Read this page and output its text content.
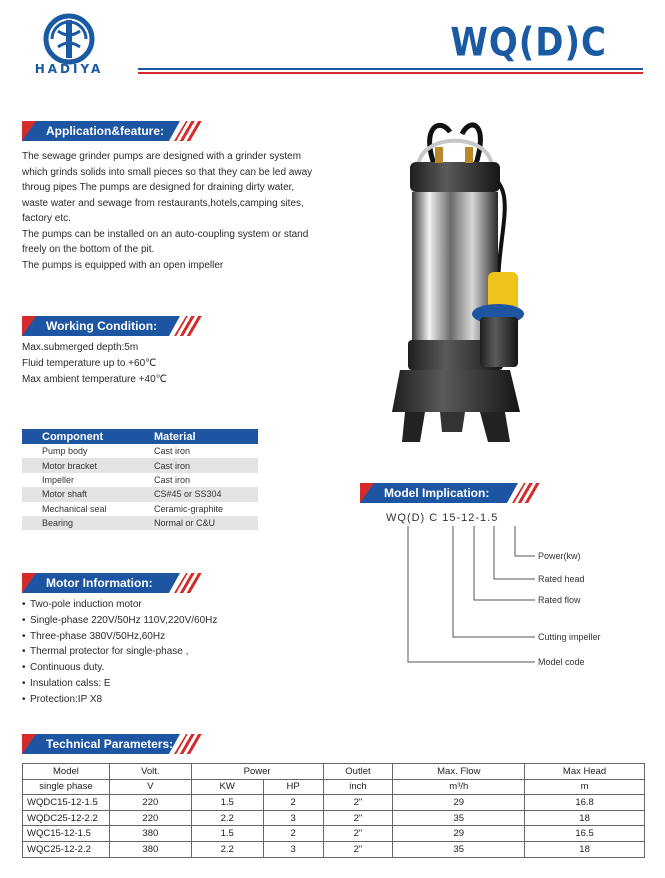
HADIYA
WQ(D)C
Application&feature:
The sewage grinder pumps are designed with a grinder system
which grinds solids into small pieces so that they can be led away
throug pipes The pumps are designed for draining dirty water,
waste water and sewage from restaurants,hotels,camping sites,
factory etc.
The pumps can be installed on an auto-coupling system or stand
freely on the bottom of the pit.
The pumps is equipped with an open impeller
Working Condition:
Max.submerged depth:5m
Fluid temperature up to +60℃
Max ambient temperature +40℃
Component	Material
Pump body	Cast iron
Motor bracket	Cast iron
Impeller	Cast iron
Motor shaft	CS#45 or SS304
Mechanical seal	Ceramic-graphite
Bearing	Normal or C&U
Motor Information:
• Two-pole induction motor
• Single-phase 220V/50Hz 110V,220V/60Hz
• Three-phase 380V/50Hz,60Hz
• Thermal protector for single-phase ,
• Continuous duty.
• Insulation calss: E
• Protection:IP X8
Model Implication:
WQ(D) C 15-12-1.5
Power(kw)
Rated head
Rated flow
Cutting impeller
Model code
Technical Parameters:
Model	Volt.	Power		Outlet	Max. Flow	Max Head
single phase	V	KW	HP	inch	m³/h	m
WQDC15-12-1.5	220	1.5	2	2"	29	16.8
WQDC25-12-2.2	220	2.2	3	2"	35	18
WQC15-12-1.5	380	1.5	2	2"	29	16.5
WQC25-12-2.2	380	2.2	3	2"	35	18
